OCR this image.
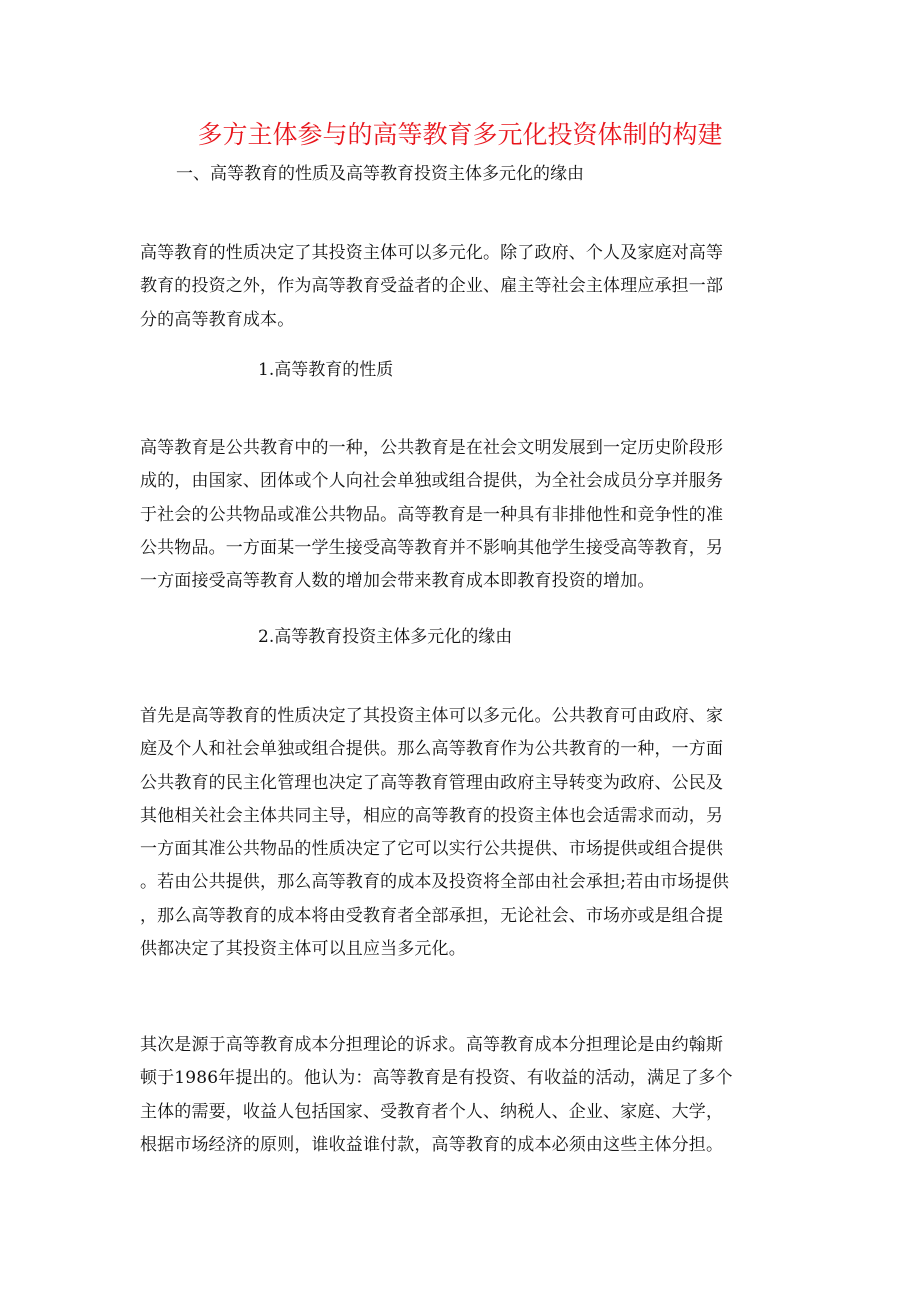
多方主体参与的高等教育多元化投资体制的构建
一、高等教育的性质及高等教育投资主体多元化的缘由
高等教育的性质决定了其投资主体可以多元化。除了政府、个人及家庭对高等
教育的投资之外，作为高等教育受益者的企业、雇主等社会主体理应承担一部
分的高等教育成本。
1.高等教育的性质
高等教育是公共教育中的一种，公共教育是在社会文明发展到一定历史阶段形
成的，由国家、团体或个人向社会单独或组合提供，为全社会成员分享并服务
于社会的公共物品或准公共物品。高等教育是一种具有非排他性和竞争性的准
公共物品。一方面某一学生接受高等教育并不影响其他学生接受高等教育，另
一方面接受高等教育人数的增加会带来教育成本即教育投资的增加。
2.高等教育投资主体多元化的缘由
首先是高等教育的性质决定了其投资主体可以多元化。公共教育可由政府、家
庭及个人和社会单独或组合提供。那么高等教育作为公共教育的一种，一方面
公共教育的民主化管理也决定了高等教育管理由政府主导转变为政府、公民及
其他相关社会主体共同主导，相应的高等教育的投资主体也会适需求而动，另
一方面其准公共物品的性质决定了它可以实行公共提供、市场提供或组合提供
。若由公共提供，那么高等教育的成本及投资将全部由社会承担;若由市场提供
，那么高等教育的成本将由受教育者全部承担，无论社会、市场亦或是组合提
供都决定了其投资主体可以且应当多元化。
其次是源于高等教育成本分担理论的诉求。高等教育成本分担理论是由约翰斯
顿于1986年提出的。他认为：高等教育是有投资、有收益的活动，满足了多个
主体的需要，收益人包括国家、受教育者个人、纳税人、企业、家庭、大学，
根据市场经济的原则，谁收益谁付款，高等教育的成本必须由这些主体分担。
